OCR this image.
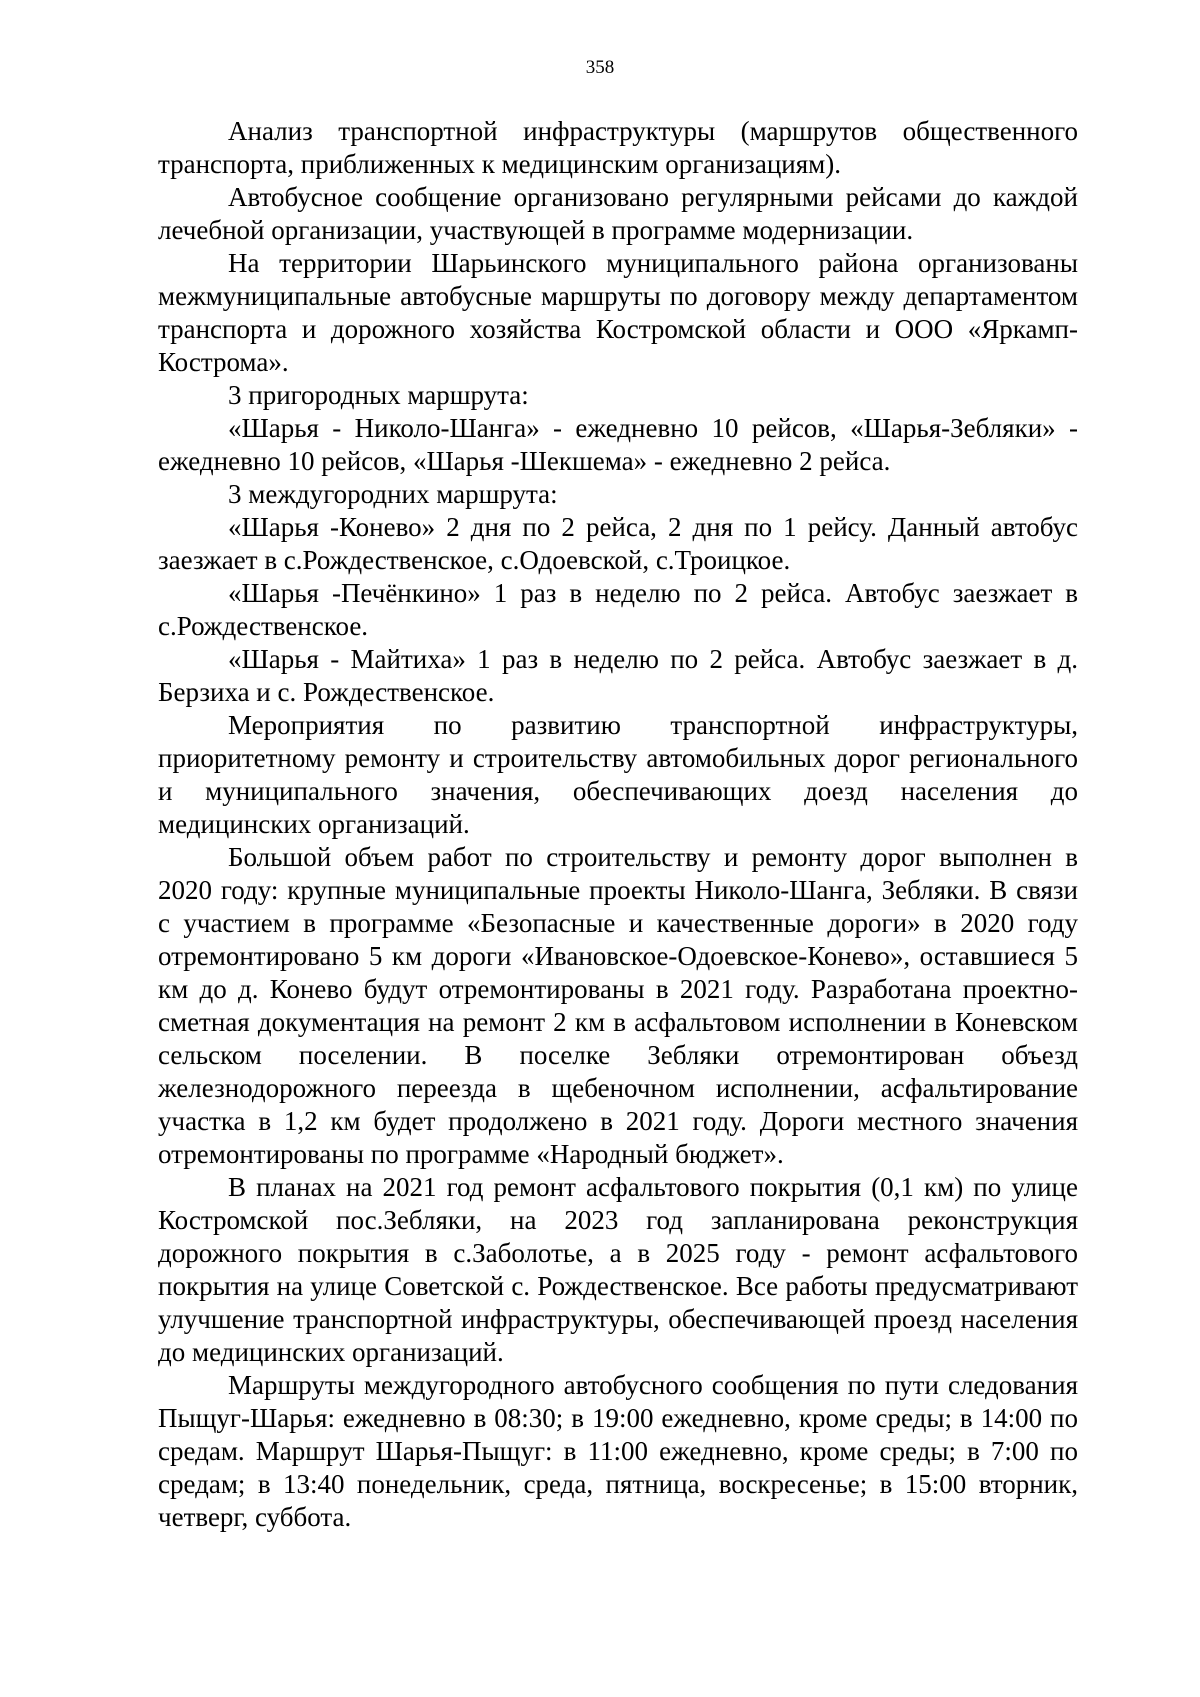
358

Анализ транспортной инфраструктуры (маршрутов общественного транспорта, приближенных к медицинским организациям).

Автобусное сообщение организовано регулярными рейсами до каждой лечебной организации, участвующей в программе модернизации.

На территории Шарьинского муниципального района организованы межмуниципальные автобусные маршруты по договору между департаментом транспорта и дорожного хозяйства Костромской области и ООО «Яркамп-Кострома».

3 пригородных маршрута:

«Шарья - Николо-Шанга» - ежедневно 10 рейсов, «Шарья-Зебляки» - ежедневно 10 рейсов, «Шарья -Шекшема» - ежедневно 2 рейса.

3 междугородних маршрута:

«Шарья -Конево» 2 дня по 2 рейса, 2 дня по 1 рейсу. Данный автобус заезжает в с.Рождественское, с.Одоевской, с.Троицкое.

«Шарья -Печёнкино» 1 раз в неделю по 2 рейса. Автобус заезжает в с.Рождественское.

«Шарья - Майтиха» 1 раз в неделю по 2 рейса. Автобус заезжает в д. Берзиха и с. Рождественское.

Мероприятия по развитию транспортной инфраструктуры, приоритетному ремонту и строительству автомобильных дорог регионального и муниципального значения, обеспечивающих доезд населения до медицинских организаций.

Большой объем работ по строительству и ремонту дорог выполнен в 2020 году: крупные муниципальные проекты Николо-Шанга, Зебляки. В связи с участием в программе «Безопасные и качественные дороги» в 2020 году отремонтировано 5 км дороги «Ивановское-Одоевское-Конево», оставшиеся 5 км до д. Конево будут отремонтированы в 2021 году. Разработана проектно-сметная документация на ремонт 2 км в асфальтовом исполнении в Коневском сельском поселении. В поселке Зебляки отремонтирован объезд железнодорожного переезда в щебеночном исполнении, асфальтирование участка в 1,2 км будет продолжено в 2021 году. Дороги местного значения отремонтированы по программе «Народный бюджет».

В планах на 2021 год ремонт асфальтового покрытия (0,1 км) по улице Костромской пос.Зебляки, на 2023 год запланирована реконструкция дорожного покрытия в с.Заболотье, а в 2025 году - ремонт асфальтового покрытия на улице Советской с. Рождественское. Все работы предусматривают улучшение транспортной инфраструктуры, обеспечивающей проезд населения до медицинских организаций.

Маршруты междугородного автобусного сообщения по пути следования Пыщуг-Шарья: ежедневно в 08:30; в 19:00 ежедневно, кроме среды; в 14:00 по средам. Маршрут Шарья-Пыщуг: в 11:00 ежедневно, кроме среды; в 7:00 по средам; в 13:40 понедельник, среда, пятница, воскресенье; в 15:00 вторник, четверг, суббота.
